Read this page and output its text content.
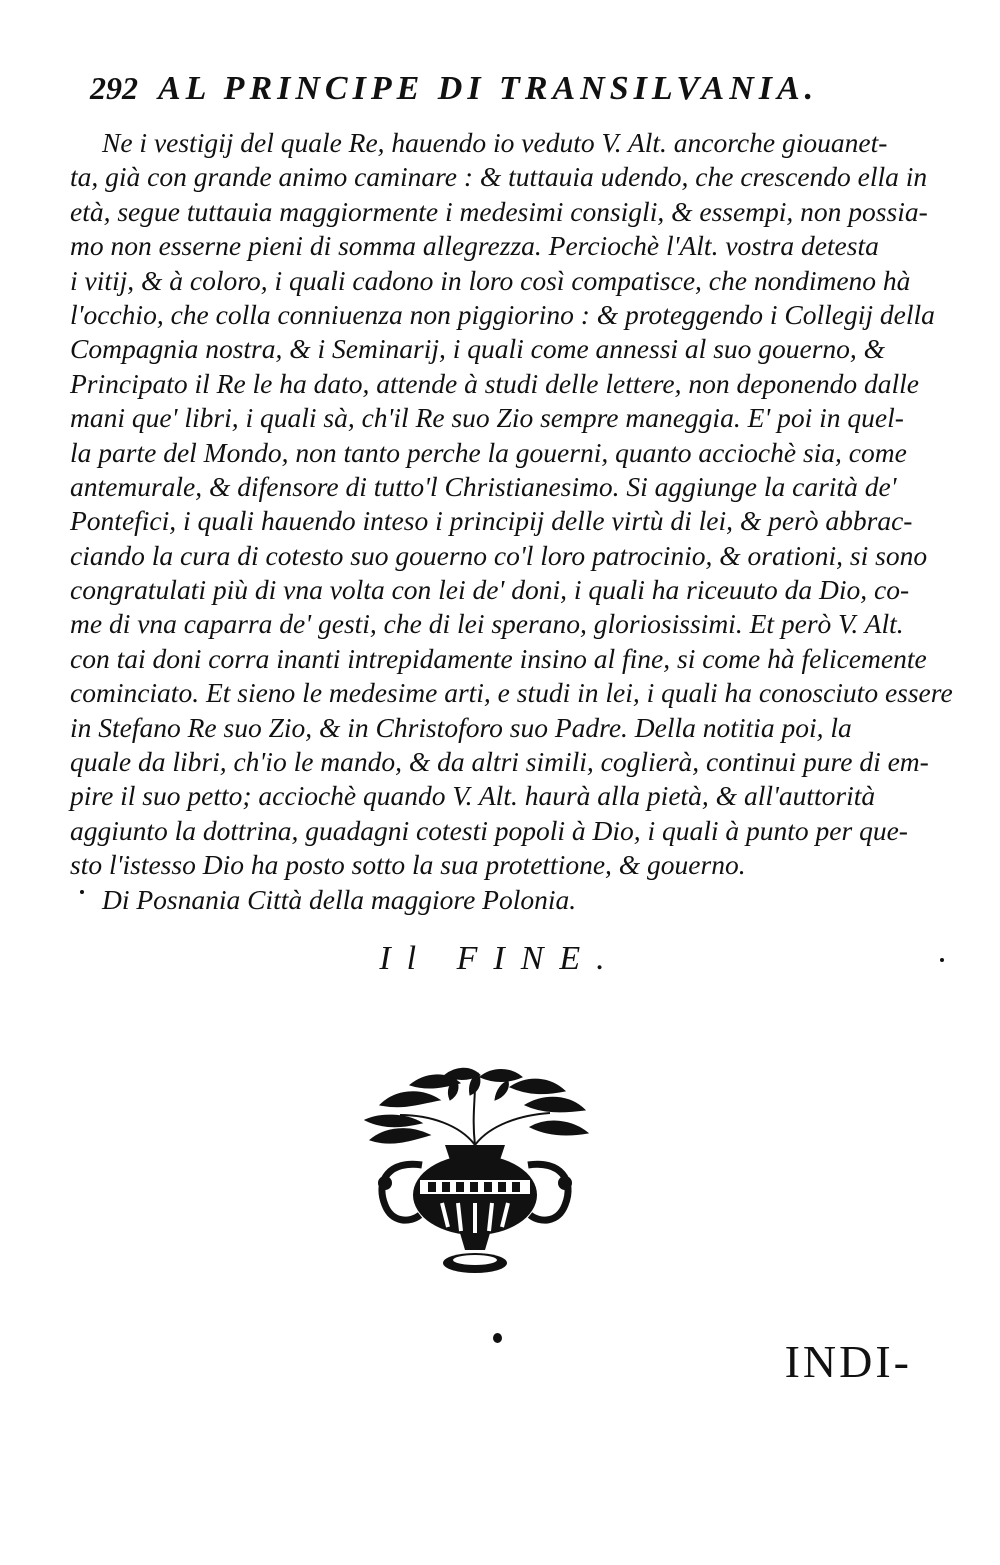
292 AL PRINCIPE DI TRANSILVANIA.
Ne i vestigij del quale Re, hauendo io veduto V. Alt. ancorche giouanet-
ta, già con grande animo caminare : & tuttauia udendo, che crescendo ella in
età, segue tuttauia maggiormente i medesimi consigli, & essempi, non possia-
mo non esserne pieni di somma allegrezza. Perciochè l'Alt. vostra detesta
i vitij, & à coloro, i quali cadono in loro così compatisce, che nondimeno hà
l'occhio, che colla conniuenza non piggiorino : & proteggendo i Collegij della
Compagnia nostra, & i Seminarij, i quali come annessi al suo gouerno, &
Principato il Re le ha dato, attende à studi delle lettere, non deponendo dalle
mani que' libri, i quali sà, ch'il Re suo Zio sempre maneggia. E' poi in quel-
la parte del Mondo, non tanto perche la gouerni, quanto acciochè sia, come
antemurale, & difensore di tutto'l Christianesimo. Si aggiunge la carità de'
Pontefici, i quali hauendo inteso i principij delle virtù di lei, & però abbrac-
ciando la cura di cotesto suo gouerno co'l loro patrocinio, & orationi, si sono
congratulati più di vna volta con lei de' doni, i quali ha riceuuto da Dio, co-
me di vna caparra de' gesti, che di lei sperano, gloriosissimi. Et però V. Alt.
con tai doni corra inanti intrepidamente insino al fine, si come hà felicemente
cominciato. Et sieno le medesime arti, e studi in lei, i quali ha conosciuto essere
in Stefano Re suo Zio, & in Christoforo suo Padre. Della notitia poi, la
quale da libri, ch'io le mando, & da altri simili, coglierà, continui pure di em-
pire il suo petto; acciochè quando V. Alt. haurà alla pietà, & all'auttorità
aggiunto la dottrina, guadagni cotesti popoli à Dio, i quali à punto per que-
sto l'istesso Dio ha posto sotto la sua protettione, & gouerno.
Di Posnania Città della maggiore Polonia.
Il FINE.
INDI-
